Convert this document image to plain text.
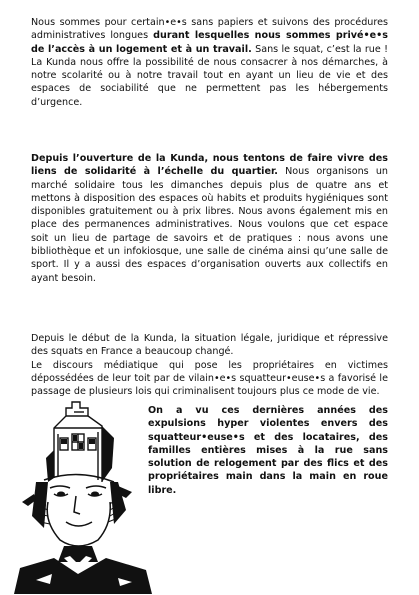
Nous sommes pour certain•e•s sans papiers et suivons des procédures administratives longues durant lesquelles nous sommes privé•e•s de l’accès à un logement et à un travail. Sans le squat, c’est la rue ! La Kunda nous offre la possibilité de nous consacrer à nos démarches, à notre scolarité ou à notre travail tout en ayant un lieu de vie et des espaces de sociabilité que ne permettent pas les hébergements d’urgence.

Depuis l’ouverture de la Kunda, nous tentons de faire vivre des liens de solidarité à l’échelle du quartier. Nous organisons un marché solidaire tous les dimanches depuis plus de quatre ans et mettons à disposition des espaces où habits et produits hygiéniques sont disponibles gratuitement ou à prix libres. Nous avons également mis en place des permanences administratives. Nous voulons que cet espace soit un lieu de partage de savoirs et de pratiques : nous avons une bibliothèque et un infokiosque, une salle de cinéma ainsi qu’une salle de sport. Il y a aussi des espaces d’organisation ouverts aux collectifs en ayant besoin.

Depuis le début de la Kunda, la situation légale, juridique et répressive des squats en France a beaucoup changé.
Le discours médiatique qui pose les propriétaires en victimes dépossédées de leur toit par de vilain•e•s squatteur•euse•s a favorisé le passage de plusieurs lois qui criminalisent toujours plus ce mode de vie.

On a vu ces dernières années des expulsions hyper violentes envers des squatteur•euse•s et des locataires, des familles entières mises à la rue sans solution de relogement par des flics et des propriétaires main dans la main en roue libre.
